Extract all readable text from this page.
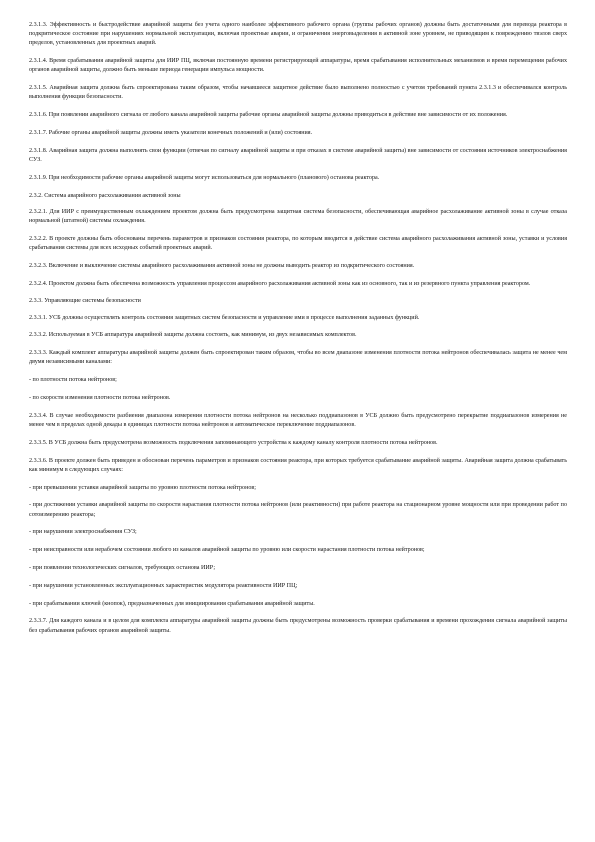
2.3.1.3. Эффективность и быстродействие аварийной защиты без учета одного наиболее эффективного рабочего органа (группы рабочих органов) должны быть достаточными для перевода реактора в подкритическое состояние при нарушениях нормальной эксплуатации, включая проектные аварии, и ограничения энерговыделения в активной зоне уровнем, не приводящим к повреждению твэлов сверх пределов, установленных для проектных аварий.

2.3.1.4. Время срабатывания аварийной защиты для ИИР ПЦ, включая постоянную времени регистрирующей аппаратуры, время срабатывания исполнительных механизмов и время перемещения рабочих органов аварийной защиты, должно быть меньше периода генерации импульса мощности.

2.3.1.5. Аварийная защита должна быть спроектирована таким образом, чтобы начавшееся защитное действие было выполнено полностью с учетом требований пункта 2.3.1.3 и обеспечивался контроль выполнения функции безопасности.

2.3.1.6. При появлении аварийного сигнала от любого канала аварийной защиты рабочие органы аварийной защиты должны приводиться в действие вне зависимости от их положения.

2.3.1.7. Рабочие органы аварийной защиты должны иметь указатели конечных положений и (или) состояния.

2.3.1.8. Аварийная защита должна выполнять свои функции (отвечая по сигналу аварийной защиты и при отказах в системе аварийной защиты) вне зависимости от состояния источников электроснабжения СУЗ.

2.3.1.9. При необходимости рабочие органы аварийной защиты могут использоваться для нормального (планового) останова реактора.

2.3.2. Система аварийного расхолаживания активной зоны

2.3.2.1. Для ИИР с преимущественным охлаждением проектом должна быть предусмотрена защитная система безопасности, обеспечивающая аварийное расхолаживание активной зоны в случае отказа нормальной (штатной) системы охлаждения.

2.3.2.2. В проекте должны быть обоснованы перечень параметров и признаков состояния реактора, по которым вводится в действие система аварийного расхолаживания активной зоны, уставки и условия срабатывания системы для всех исходных событий проектных аварий.

2.3.2.3. Включение и выключение системы аварийного расхолаживания активной зоны не должны выводить реактор из подкритического состояния.

2.3.2.4. Проектом должна быть обеспечена возможность управления процессом аварийного расхолаживания активной зоны как из основного, так и из резервного пункта управления реактором.

2.3.3. Управляющие системы безопасности

2.3.3.1. УСБ должны осуществлять контроль состояния защитных систем безопасности и управление ими в процессе выполнения заданных функций.

2.3.3.2. Используемая в УСБ аппаратура аварийной защиты должна состоять, как минимум, из двух независимых комплектов.

2.3.3.3. Каждый комплект аппаратуры аварийной защиты должен быть спроектирован таким образом, чтобы во всем диапазоне изменения плотности потока нейтронов обеспечивалась защита не менее чем двумя независимыми каналами:

- по плотности потока нейтронов;

- по скорости изменения плотности потока нейтронов.

2.3.3.4. В случае необходимости разбиения диапазона измерения плотности потока нейтронов на несколько поддиапазонов в УСБ должно быть предусмотрено перекрытие поддиапазонов измерения не менее чем в пределах одной декады в единицах плотности потока нейтронов и автоматическое переключение поддиапазонов.

2.3.3.5. В УСБ должна быть предусмотрена возможность подключения запоминающего устройства к каждому каналу контроля плотности потока нейтронов.

2.3.3.6. В проекте должен быть приведен и обоснован перечень параметров и признаков состояния реактора, при которых требуется срабатывание аварийной защиты. Аварийная защита должна срабатывать как минимум в следующих случаях:

- при превышении уставки аварийной защиты по уровню плотности потока нейтронов;

- при достижении уставки аварийной защиты по скорости нарастания плотности потока нейтронов (или реактивности) при работе реактора на стационарном уровне мощности или при проведении работ по сотоизмерению реактора;

- при нарушении электроснабжения СУЗ;

- при неисправности или нерабочем состоянии любого из каналов аварийной защиты по уровню или скорости нарастания плотности потока нейтронов;

- при появлении технологических сигналов, требующих останова ИИР;

- при нарушении установленных эксплуатационных характеристик модулятора реактивности ИИР ПЦ;

- при срабатывании ключей (кнопок), предназначенных для инициирования срабатывания аварийной защиты.

2.3.3.7. Для каждого канала и в целом для комплекта аппаратуры аварийной защиты должны быть предусмотрены возможность проверки срабатывания и времени прохождения сигнала аварийной защиты без срабатывания рабочих органов аварийной защиты.
